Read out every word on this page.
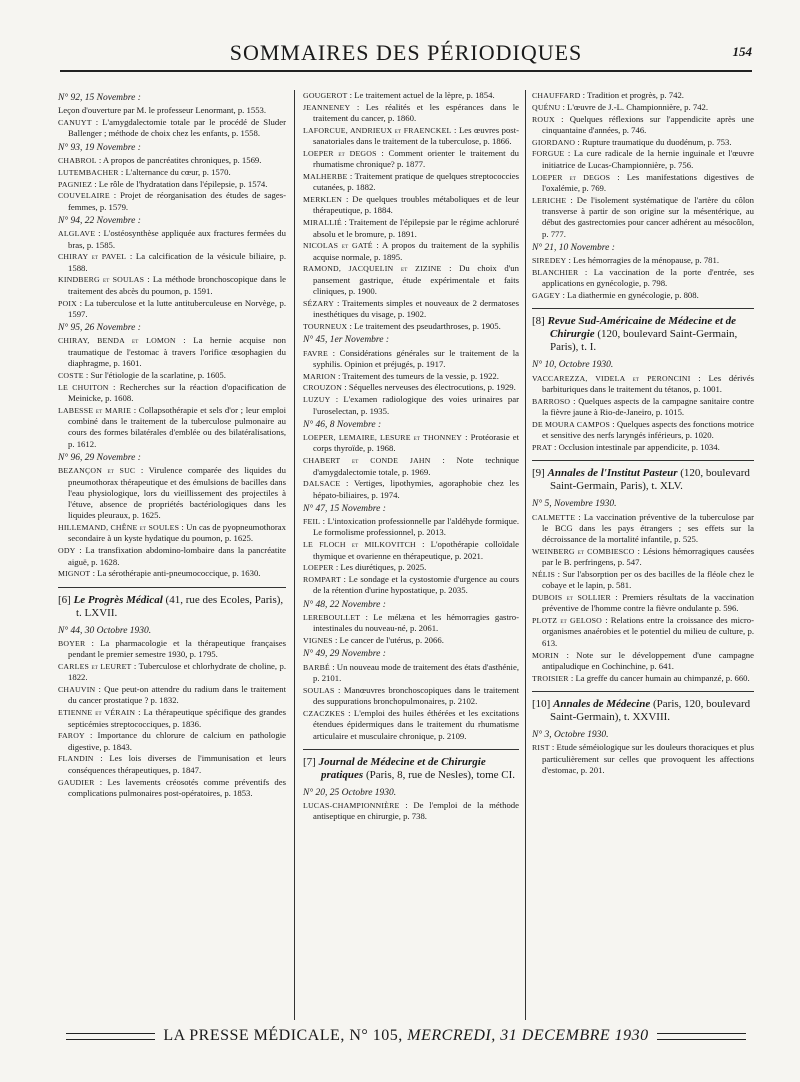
SOMMAIRES DES PÉRIODIQUES	154
N° 92, 15 Novembre :
Leçon d'ouverture par M. le professeur Lenormant, p. 1553.
CANUYT : L'amygdalectomie totale par le procédé de Sluder Ballenger ; méthode de choix chez les enfants, p. 1558.
N° 93, 19 Novembre :
CHABROL : A propos de pancréatites chroniques, p. 1569.
LUTEMBACHER : L'alternance du cœur, p. 1570.
PAGNIEZ : Le rôle de l'hydratation dans l'épilepsie, p. 1574.
COUVELAIRE : Projet de réorganisation des études de sages-femmes, p. 1579.
N° 94, 22 Novembre :
ALGLAVE : L'ostéosynthèse appliquée aux fractures fermées du bras, p. 1585.
CHIRAY et PAVEL : La calcification de la vésicule biliaire, p. 1588.
KINDBERG et SOULAS : La méthode bronchoscopique dans le traitement des abcès du poumon, p. 1591.
POIX : La tuberculose et la lutte antituberculeuse en Norvège, p. 1597.
N° 95, 26 Novembre :
CHIRAY, BENDA et LOMON : La hernie acquise non traumatique de l'estomac à travers l'orifice œsophagien du diaphragme, p. 1601.
COSTE : Sur l'étiologie de la scarlatine, p. 1605.
LE CHUITON : Recherches sur la réaction d'opacification de Meinicke, p. 1608.
LABESSE et MARIE : Collapsothérapie et sels d'or ; leur emploi combiné dans le traitement de la tuberculose pulmonaire au cours des formes bilatérales d'emblée ou des bilatéralisations, p. 1612.
N° 96, 29 Novembre :
BEZANÇON et SUC : Virulence comparée des liquides du pneumothorax thérapeutique et des émulsions de bacilles dans l'eau physiologique, lors du vieillissement des projectiles à l'étuve, absence de propriétés bactériologiques dans les liquides pleuraux, p. 1625.
HILLEMAND, CHÊNE et SOULES : Un cas de pyopneumothorax secondaire à un kyste hydatique du poumon, p. 1625.
ODY : La transfixation abdomino-lombaire dans la pancréatite aiguë, p. 1628.
MIGNOT : La sérothérapie anti-pneumococcique, p. 1630.
[6] Le Progrès Médical (41, rue des Ecoles, Paris), t. LXVII.
N° 44, 30 Octobre 1930.
BOYER : La pharmacologie et la thérapeutique françaises pendant le premier semestre 1930, p. 1795.
CARLES et LEURET : Tuberculose et chlorhydrate de choline, p. 1822.
CHAUVIN : Que peut-on attendre du radium dans le traitement du cancer prostatique ? p. 1832.
ETIENNE et VÉRAIN : La thérapeutique spécifique des grandes septicémies streptococciques, p. 1836.
FAROY : Importance du chlorure de calcium en pathologie digestive, p. 1843.
FLANDIN : Les lois diverses de l'immunisation et leurs conséquences thérapeutiques, p. 1847.
GAUDIER : Les lavements créosotés comme préventifs des complications pulmonaires post-opératoires, p. 1853.
GOUGEROT : Le traitement actuel de la lèpre, p. 1854.
JEANNENEY : Les réalités et les espérances dans le traitement du cancer, p. 1860.
LAFORCUE, ANDRIEUX et FRAENCKEL : Les œuvres post-sanatoriales dans le traitement de la tuberculose, p. 1866.
LOEPER et DEGOS : Comment orienter le traitement du rhumatisme chronique? p. 1877.
MALHERBE : Traitement pratique de quelques streptococcies cutanées, p. 1882.
MERKLEN : De quelques troubles métaboliques et de leur thérapeutique, p. 1884.
MIRALLIÉ : Traitement de l'épilepsie par le régime achloruré absolu et le bromure, p. 1891.
NICOLAS et GATÉ : A propos du traitement de la syphilis acquise normale, p. 1895.
RAMOND, JACQUELIN et ZIZINE : Du choix d'un pansement gastrique, étude expérimentale et faits cliniques, p. 1900.
SÉZARY : Traitements simples et nouveaux de 2 dermatoses inesthétiques du visage, p. 1902.
TOURNEUX : Le traitement des pseudarthroses, p. 1905.
N° 45, 1er Novembre :
FAVRE : Considérations générales sur le traitement de la syphilis. Opinion et préjugés, p. 1917.
MARION : Traitement des tumeurs de la vessie, p. 1922.
CROUZON : Séquelles nerveuses des électrocutions, p. 1929.
LUZUY : L'examen radiologique des voies urinaires par l'uroselectan, p. 1935.
N° 46, 8 Novembre :
LOEPER, LEMAIRE, LESURE et THONNEY : Protéorasie et corps thyroïde, p. 1968.
CHABERT et CONDE JAHN : Note technique d'amygdalectomie totale, p. 1969.
DALSACE : Vertiges, lipothymies, agoraphobie chez les hépato-biliaires, p. 1974.
N° 47, 15 Novembre :
FEIL : L'intoxication professionnelle par l'aldéhyde formique. Le formolisme professionnel, p. 2013.
LE FLOCH et MILKOVITCH : L'opothérapie colloïdale thymique et ovarienne en thérapeutique, p. 2021.
LOEPER : Les diurétiques, p. 2025.
ROMPART : Le sondage et la cystostomie d'urgence au cours de la rétention d'urine hypostatique, p. 2035.
N° 48, 22 Novembre :
LEREBOULLET : Le mélæna et les hémorragies gastro-intestinales du nouveau-né, p. 2061.
VIGNES : Le cancer de l'utérus, p. 2066.
N° 49, 29 Novembre :
BARBÉ : Un nouveau mode de traitement des états d'asthénie, p. 2101.
SOULAS : Manœuvres bronchoscopiques dans le traitement des suppurations bronchopulmonaires, p. 2102.
CZACZKES : L'emploi des huiles éthérées et les excitations étendues épidermiques dans le traitement du rhumatisme articulaire et musculaire chronique, p. 2109.
[7] Journal de Médecine et de Chirurgie pratiques (Paris, 8, rue de Nesles), tome CI.
N° 20, 25 Octobre 1930.
LUCAS-CHAMPIONNIÈRE : De l'emploi de la méthode antiseptique en chirurgie, p. 738.
CHAUFFARD : Tradition et progrès, p. 742.
QUÉNU : L'œuvre de J.-L. Championnière, p. 742.
ROUX : Quelques réflexions sur l'appendicite après une cinquantaine d'années, p. 746.
GIORDANO : Rupture traumatique du duodénum, p. 753.
FORGUE : La cure radicale de la hernie inguinale et l'œuvre initiatrice de Lucas-Championnière, p. 756.
LOEPER et DEGOS : Les manifestations digestives de l'oxalémie, p. 769.
LERICHE : De l'isolement systématique de l'artère du côlon transverse à partir de son origine sur la mésentérique, au début des gastrectomies pour cancer adhérent au mésocôlon, p. 777.
N° 21, 10 Novembre :
SIREDEY : Les hémorragies de la ménopause, p. 781.
BLANCHIER : La vaccination de la porte d'entrée, ses applications en gynécologie, p. 798.
GAGEY : La diathermie en gynécologie, p. 808.
[8] Revue Sud-Américaine de Médecine et de Chirurgie (120, boulevard Saint-Germain, Paris), t. I.
N° 10, Octobre 1930.
VACCAREZZA, VIDELA et PERONCINI : Les dérivés barbituriques dans le traitement du tétanos, p. 1001.
BARROSO : Quelques aspects de la campagne sanitaire contre la fièvre jaune à Rio-de-Janeiro, p. 1015.
DE MOURA CAMPOS : Quelques aspects des fonctions motrice et sensitive des nerfs laryngés inférieurs, p. 1020.
PRAT : Occlusion intestinale par appendicite, p. 1034.
[9] Annales de l'Institut Pasteur (120, boulevard Saint-Germain, Paris), t. XLV.
N° 5, Novembre 1930.
CALMETTE : La vaccination préventive de la tuberculose par le BCG dans les pays étrangers ; ses effets sur la décroissance de la mortalité infantile, p. 525.
WEINBERG et COMBIESCO : Lésions hémorragiques causées par le B. perfringens, p. 547.
NÉLIS : Sur l'absorption per os des bacilles de la fléole chez le cobaye et le lapin, p. 581.
DUBOIS et SOLLIER : Premiers résultats de la vaccination préventive de l'homme contre la fièvre ondulante p. 596.
PLOTZ et GELOSO : Relations entre la croissance des micro-organismes anaérobies et le potentiel du milieu de culture, p. 613.
MORIN : Note sur le développement d'une campagne antipaludique en Cochinchine, p. 641.
TROISIER : La greffe du cancer humain au chimpanzé, p. 660.
[10] Annales de Médecine (Paris, 120, boulevard Saint-Germain), t. XXVIII.
N° 3, Octobre 1930.
RIST : Etude séméiologique sur les douleurs thoraciques et plus particulièrement sur celles que provoquent les affections d'estomac, p. 201.
LA PRESSE MÉDICALE, N° 105, MERCREDI, 31 DECEMBRE 1930
